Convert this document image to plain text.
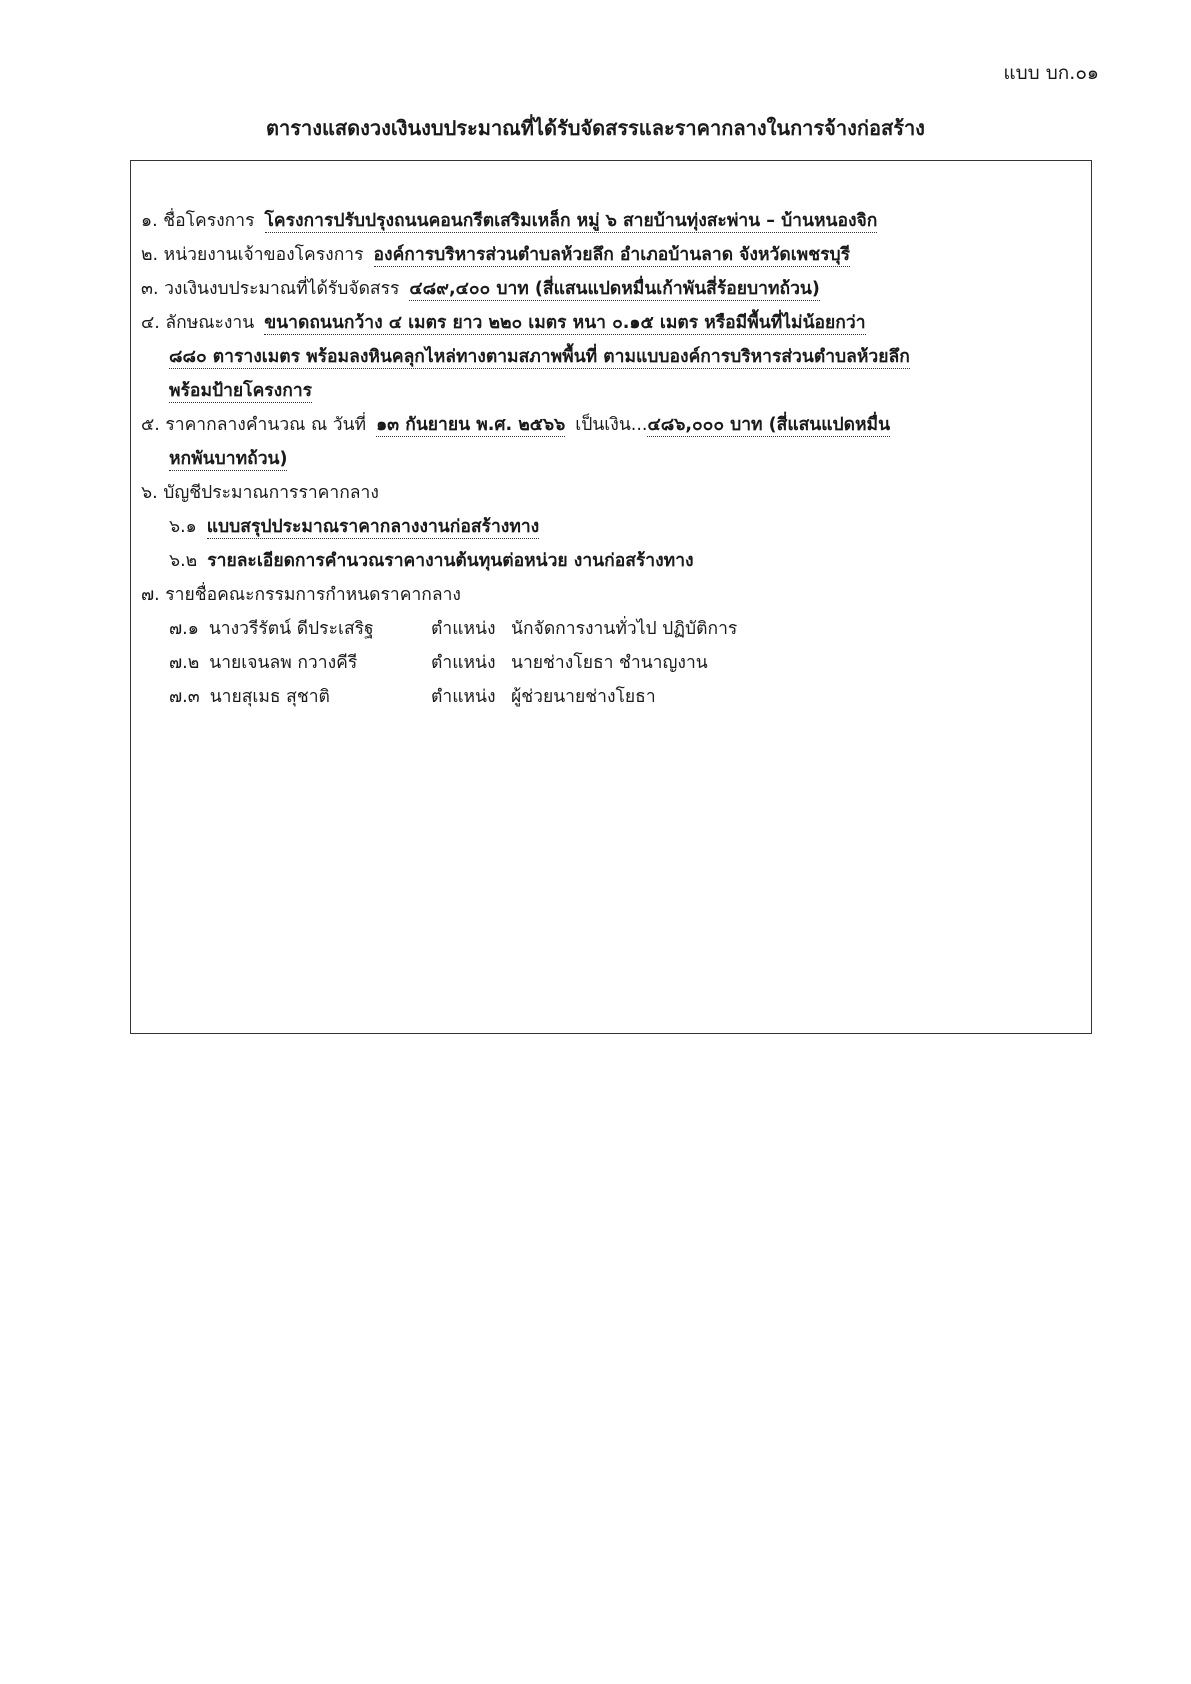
แบบ บก.๐๑
ตารางแสดงวงเงินงบประมาณที่ได้รับจัดสรรและราคากลางในการจ้างก่อสร้าง
๑. ชื่อโครงการ โครงการปรับปรุงถนนคอนกรีตเสริมเหล็ก หมู่ ๖ สายบ้านทุ่งสะพ่าน – บ้านหนองจิก
๒. หน่วยงานเจ้าของโครงการ องค์การบริหารส่วนตำบลห้วยลึก อำเภอบ้านลาด จังหวัดเพชรบุรี
๓. วงเงินงบประมาณที่ได้รับจัดสรร ๔๘๙,๔๐๐ บาท (สี่แสนแปดหมื่นเก้าพันสี่ร้อยบาทถ้วน)
๔. ลักษณะงาน ขนาดถนนกว้าง ๔ เมตร ยาว ๒๒๐ เมตร หนา ๐.๑๕ เมตร หรือมีพื้นที่ไม่น้อยกว่า
๘๘๐ ตารางเมตร พร้อมลงหินคลุกไหล่ทางตามสภาพพื้นที่ ตามแบบองค์การบริหารส่วนตำบลห้วยลึก
พร้อมป้ายโครงการ
๕. ราคากลางคำนวณ ณ วันที่ ๑๓ กันยายน พ.ศ. ๒๕๖๖ เป็นเงิน...๔๘๖,๐๐๐ บาท (สี่แสนแปดหมื่น
หกพันบาทถ้วน)
๖. บัญชีประมาณการราคากลาง
๖.๑ แบบสรุปประมาณราคากลางงานก่อสร้างทาง
๖.๒ รายละเอียดการคำนวณราคางานต้นทุนต่อหน่วย งานก่อสร้างทาง
๗. รายชื่อคณะกรรมการกำหนดราคากลาง
๗.๑ นางวรีรัตน์ ดีประเสริฐ	ตำแหน่ง นักจัดการงานทั่วไป ปฏิบัติการ
๗.๒ นายเจนลพ กวางคีรี	ตำแหน่ง นายช่างโยธา ชำนาญงาน
๗.๓ นายสุเมธ สุชาติ	ตำแหน่ง ผู้ช่วยนายช่างโยธา
